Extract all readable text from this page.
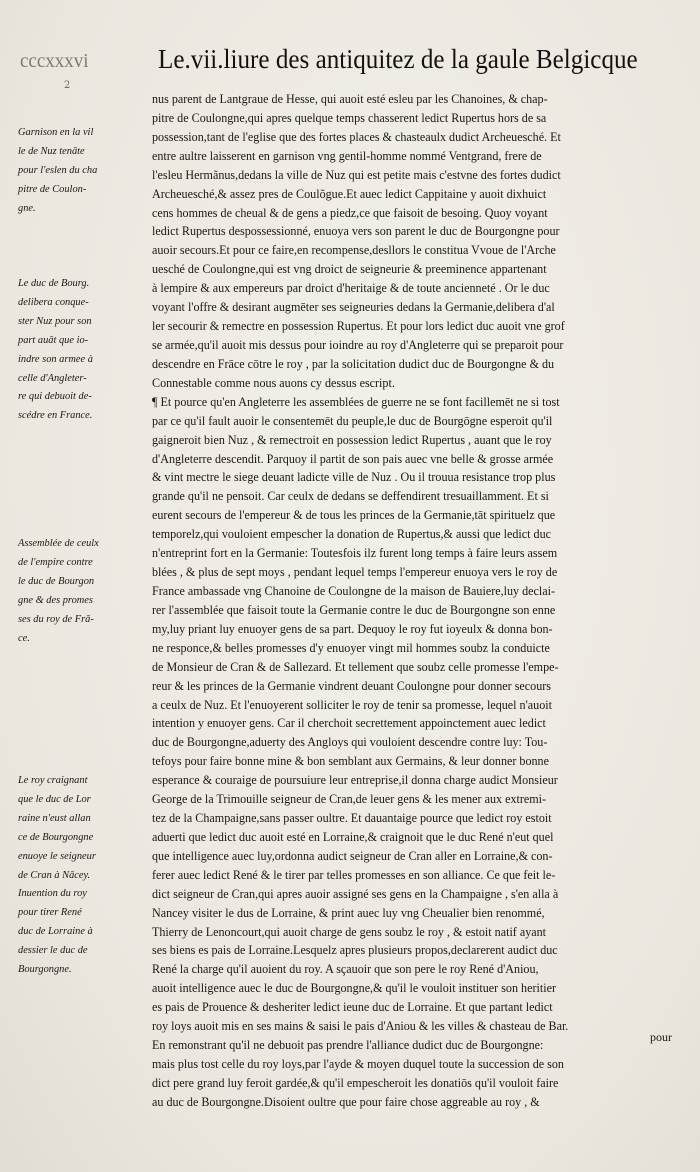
cccxxxvi	Le.vii.liure des antiquitez de la gaule Belgicque
2
nus parent de Lantgraue de Hesse, qui auoit esté esleu par les Chanoines, & chap-
pitre de Coulongne,qui apres quelque temps chasserent ledict Rupertus hors de sa
possession,tant de l'eglise que des fortes places & chasteaulx dudict Archeuesché. Et
entre aultre laisserent en garnison vng gentil-homme nommé Ventgrand, frere de
l'esleu Hermãnus,dedans la ville de Nuz qui est petite mais c'estvne des fortes dudict
Archeuesché,& assez pres de Coulõgue.Et auec ledict Cappitaine y auoit dixhuict
cens hommes de cheual & de gens a piedz,ce que faisoit de besoing. Quoy voyant
ledict Rupertus despossessionné, enuoya vers son parent le duc de Bourgongne pour
auoir secours.Et pour ce faire,en recompense,desllors le constitua Vvoue de l'Arche
uesché de Coulongne,qui est vng droict de seigneurie & preeminence appartenant
à lempire & aux empereurs par droict d'heritaige & de toute ancienneté . Or le duc
voyant l'offre & desirant augmēter ses seigneuries dedans la Germanie,delibera d'al
ler secourir & remectre en possession Rupertus. Et pour lors ledict duc auoit vne grof
se armée,qu'il auoit mis dessus pour ioindre au roy d'Angleterre qui se preparoit pour
descendre en Frāce cōtre le roy , par la solicitation dudict duc de Bourgongne & du
Connestable comme nous auons cy dessus escript.
¶ Et pource qu'en Angleterre les assemblées de guerre ne se font facillemēt ne si tost
par ce qu'il fault auoir le consentemēt du peuple,le duc de Bourgōgne esperoit qu'il
gaigneroit bien Nuz , & remectroit en possession ledict Rupertus , auant que le roy
d'Angleterre descendit. Parquoy il partit de son pais auec vne belle & grosse armée
& vint mectre le siege deuant ladicte ville de Nuz . Ou il trouua resistance trop plus
grande qu'il ne pensoit. Car ceulx de dedans se deffendirent tresuaillamment. Et si
eurent secours de l'empereur & de tous les princes de la Germanie,tāt spirituelz que
temporelz,qui vouloient empescher la donation de Rupertus,& aussi que ledict duc
n'entreprint fort en la Germanie: Toutesfois ilz furent long temps à faire leurs assem
blées , & plus de sept moys , pendant lequel temps l'empereur enuoya vers le roy de
France ambassade vng Chanoine de Coulongne de la maison de Bauiere,luy declai-
rer l'assemblée que faisoit toute la Germanie contre le duc de Bourgongne son enne
my,luy priant luy enuoyer gens de sa part. Dequoy le roy fut ioyeulx & donna bon-
ne responce,& belles promesses d'y enuoyer vingt mil hommes soubz la conduicte
de Monsieur de Cran & de Sallezard. Et tellement que soubz celle promesse l'empe-
reur & les princes de la Germanie vindrent deuant Coulongne pour donner secours
a ceulx de Nuz. Et l'enuoyerent solliciter le roy de tenir sa promesse, lequel n'auoit
intention y enuoyer gens. Car il cherchoit secrettement appoinctement auec ledict
duc de Bourgongne,aduerty des Angloys qui vouloient descendre contre luy: Tou-
tefoys pour faire bonne mine & bon semblant aux Germains, & leur donner bonne
esperance & couraige de poursuiure leur entreprise,il donna charge audict Monsieur
George de la Trimouille seigneur de Cran,de leuer gens & les mener aux extremi-
tez de la Champaigne,sans passer oultre. Et dauantaige pource que ledict roy estoit
aduerti que ledict duc auoit esté en Lorraine,& craignoit que le duc René n'eut quel
que intelligence auec luy,ordonna audict seigneur de Cran aller en Lorraine,& con-
ferer auec ledict René & le tirer par telles promesses en son alliance. Ce que feit le-
dict seigneur de Cran,qui apres auoir assigné ses gens en la Champaigne , s'en alla à
Nancey visiter le dus de Lorraine, & print auec luy vng Cheualier bien renommé,
Thierry de Lenoncourt,qui auoit charge de gens soubz le roy , & estoit natif ayant
ses biens es pais de Lorraine.Lesquelz apres plusieurs propos,declarerent audict duc
René la charge qu'il auoient du roy. A sçauoir que son pere le roy René d'Aniou,
auoit intelligence auec le duc de Bourgongne,& qu'il le vouloit instituer son heritier
es pais de Prouence & desheriter ledict ieune duc de Lorraine. Et que partant ledict
roy loys auoit mis en ses mains & saisi le pais d'Aniou & les villes & chasteau de Bar.
En remonstrant qu'il ne debuoit pas prendre l'alliance dudict duc de Bourgongne:
mais plus tost celle du roy loys,par l'ayde & moyen duquel toute la succession de son
dict pere grand luy feroit gardée,& qu'il empescheroit les donatiōs qu'il vouloit faire
au duc de Bourgongne.Disoient oultre que pour faire chose aggreable au roy , &
Garnison en la vil
le de Nuz tenāte
pour l'eslen du cha
pitre de Coulon-
gne.
Le duc de Bourg.
delibera conque-
ster Nuz pour son
part auāt que io-
indre son armee à
celle d'Angleter-
re qui debuoit de-
scédre en France.
Assemblée de ceulx
de l'empire contre
le duc de Bourgon
gne & des promes
ses du roy de Frā-
ce.
Le roy craignant
que le duc de Lor
raine n'eust allan
ce de Bourgongne
enuoye le seigneur
de Cran à Nācey.
Inuention du roy
pour tirer René
duc de Lorraine à
dessier le duc de
Bourgongne.
pour
